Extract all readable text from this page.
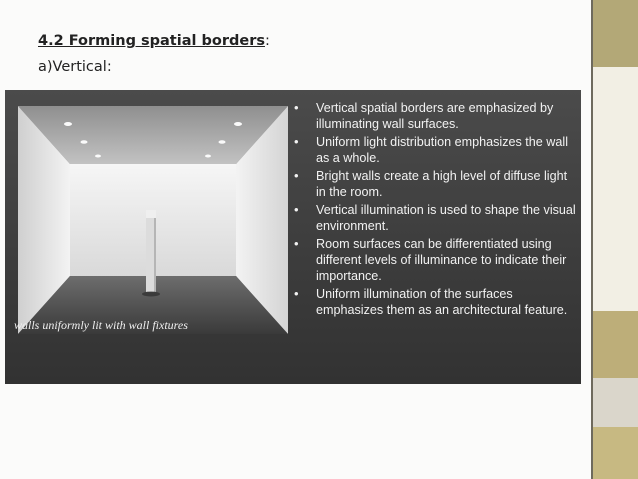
4.2 Forming spatial borders:

a)Vertical:

walls uniformly lit with wall fixtures
• Vertical spatial borders are emphasized by illuminating wall surfaces.
• Uniform light distribution emphasizes the wall as a whole.
• Bright walls create a high level of diffuse light in the room.
• Vertical illumination is used to shape the visual environment.
• Room surfaces can be differentiated using different levels of illuminance to indicate their importance.
• Uniform illumination of the surfaces emphasizes them as an architectural feature.
